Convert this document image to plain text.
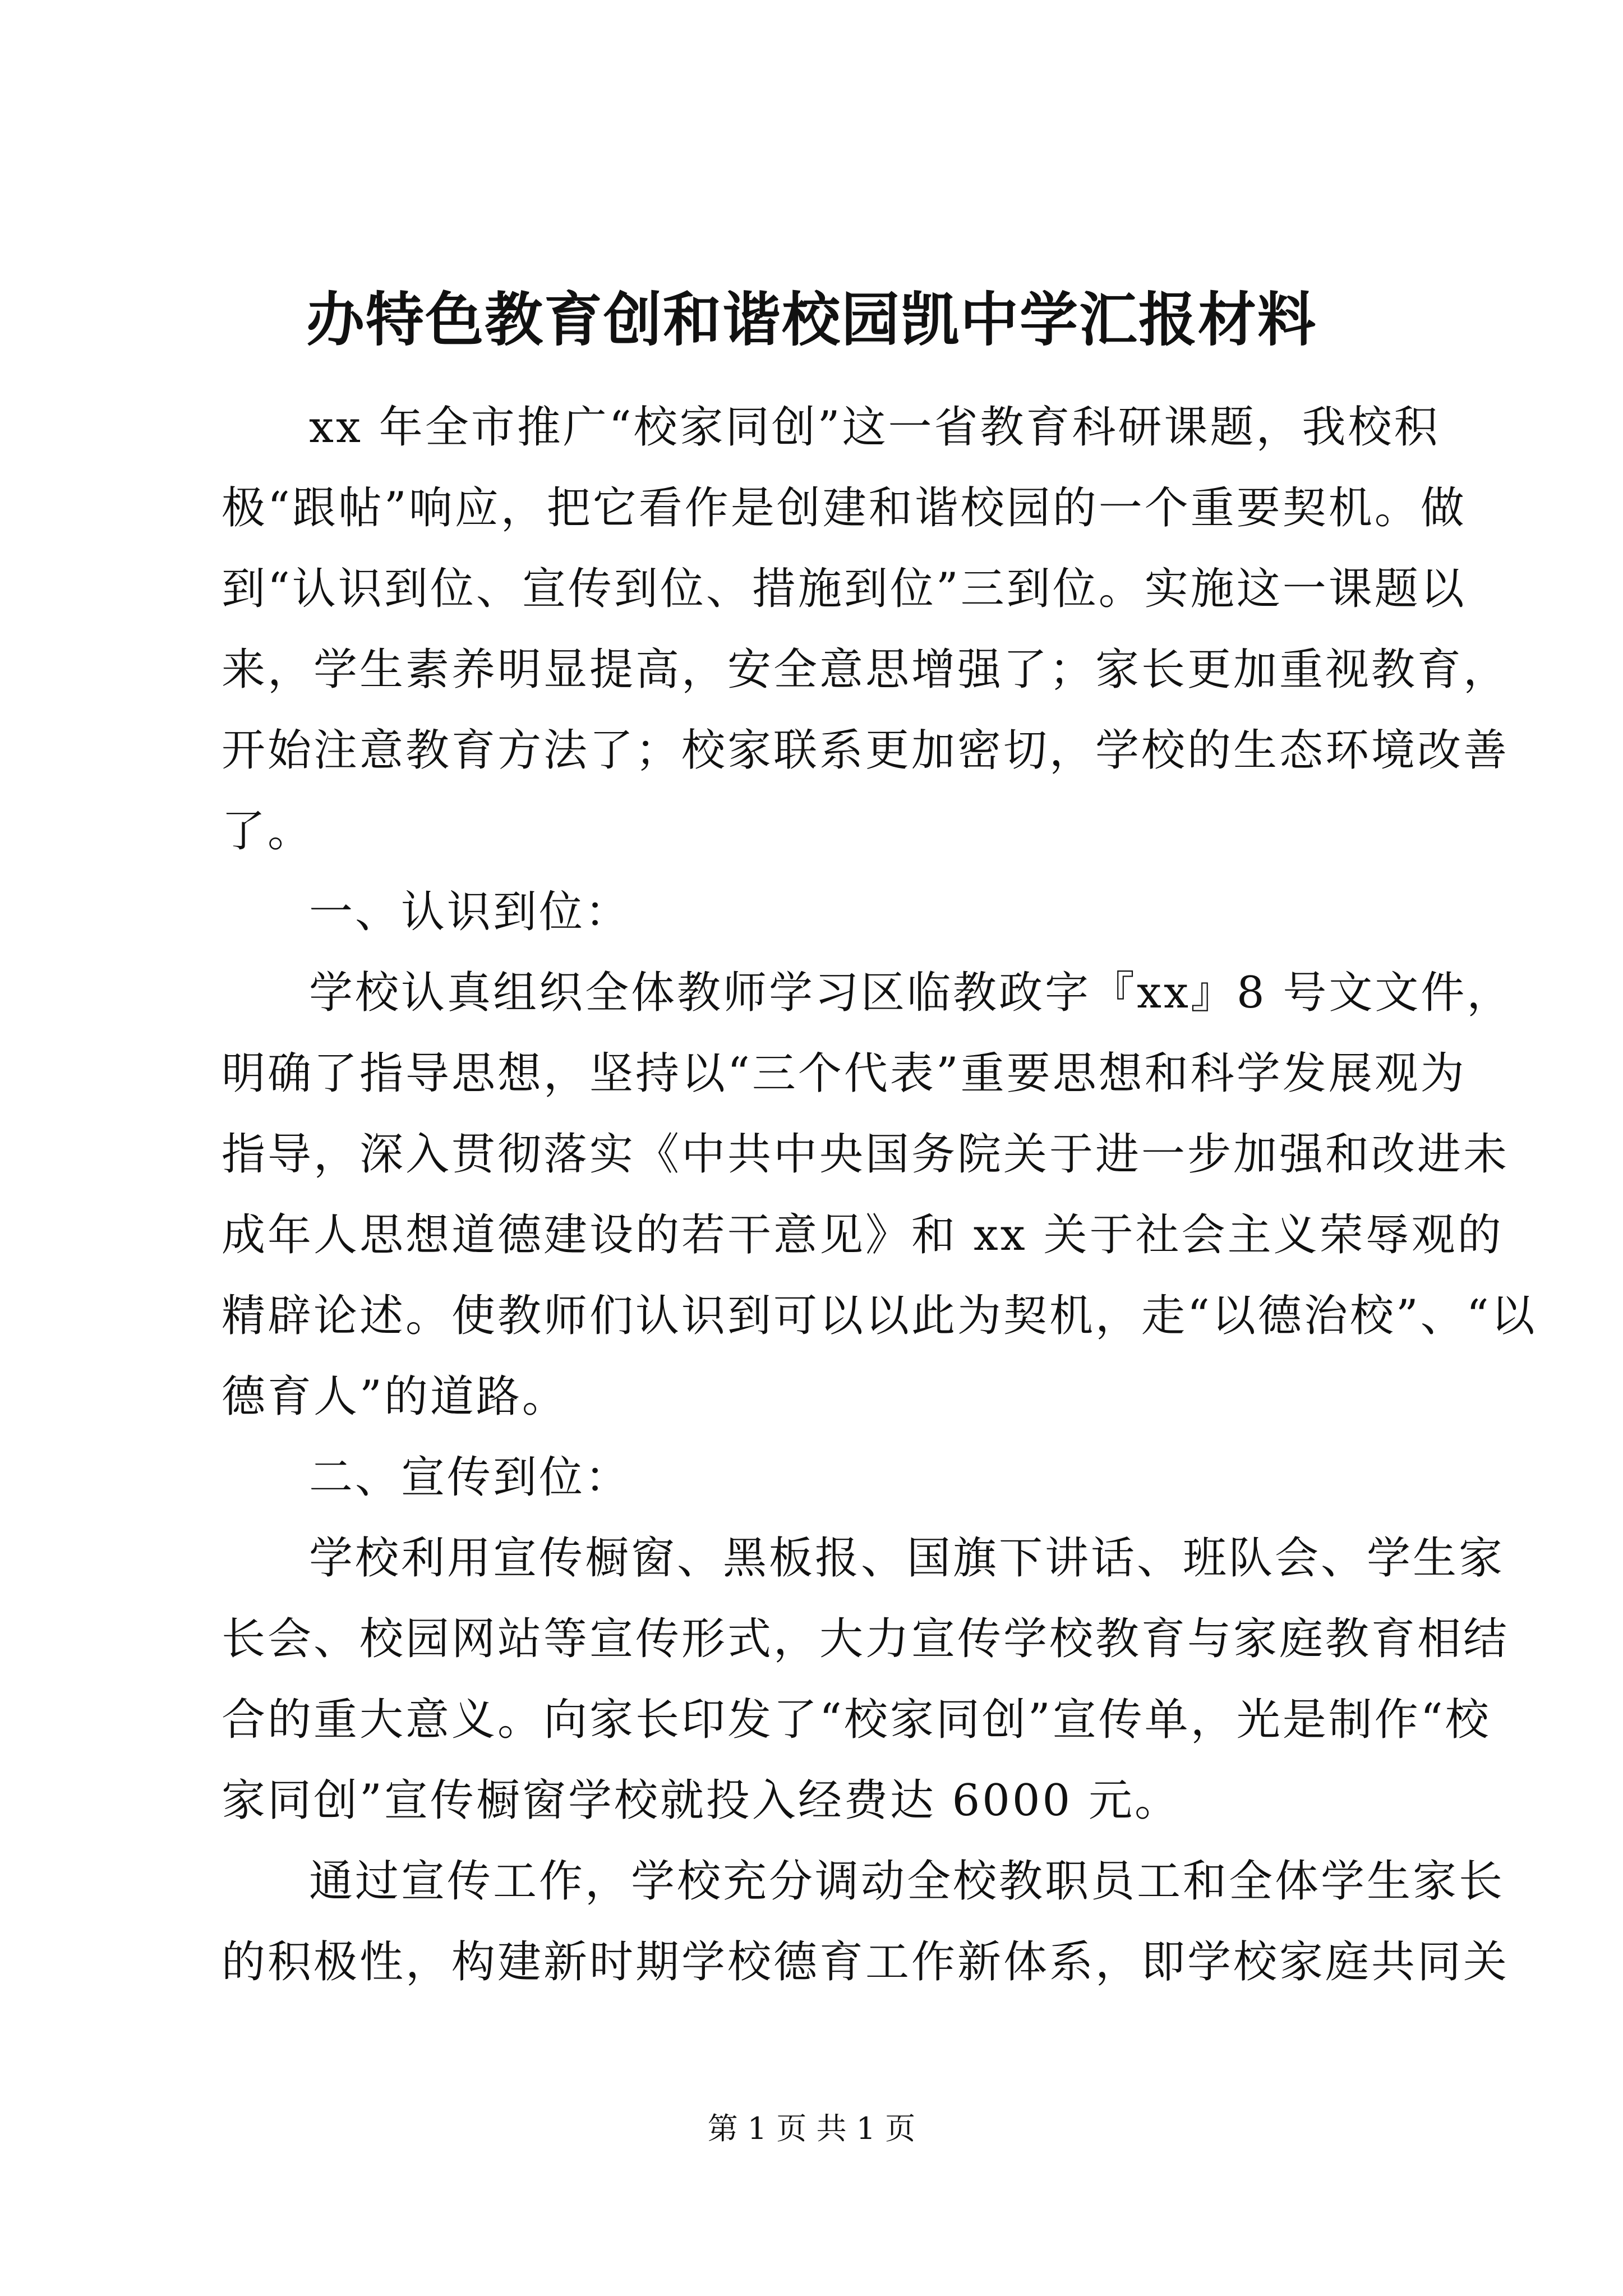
办特色教育创和谐校园凯中学汇报材料
xx 年全市推广“校家同创”这一省教育科研课题，我校积
极“跟帖”响应，把它看作是创建和谐校园的一个重要契机。做
到“认识到位、宣传到位、措施到位”三到位。实施这一课题以
来，学生素养明显提高，安全意思增强了；家长更加重视教育，
开始注意教育方法了；校家联系更加密切，学校的生态环境改善
了。
一、认识到位：
学校认真组织全体教师学习区临教政字『xx』8 号文文件，
明确了指导思想，坚持以“三个代表”重要思想和科学发展观为
指导，深入贯彻落实《中共中央国务院关于进一步加强和改进未
成年人思想道德建设的若干意见》和 xx 关于社会主义荣辱观的
精辟论述。使教师们认识到可以以此为契机，走“以德治校”、“以
德育人”的道路。
二、宣传到位：
学校利用宣传橱窗、黑板报、国旗下讲话、班队会、学生家
长会、校园网站等宣传形式，大力宣传学校教育与家庭教育相结
合的重大意义。向家长印发了“校家同创”宣传单，光是制作“校
家同创”宣传橱窗学校就投入经费达 6000 元。
通过宣传工作，学校充分调动全校教职员工和全体学生家长
的积极性，构建新时期学校德育工作新体系，即学校家庭共同关
第 1 页 共 1 页
